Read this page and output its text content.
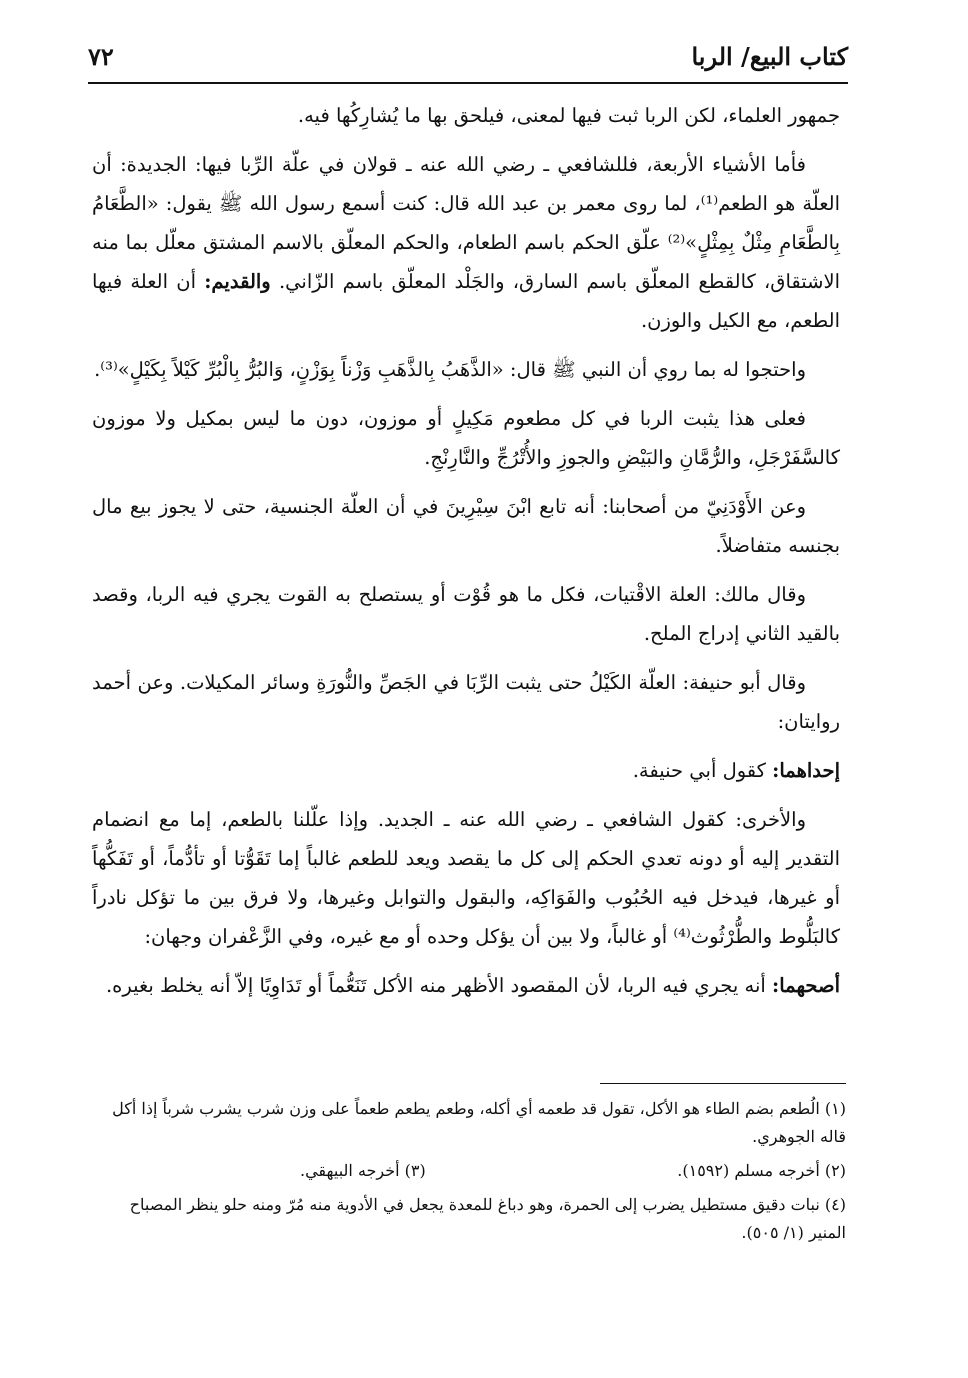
كتاب البيع/ الربا
٧٢

جمهور العلماء، لكن الربا ثبت فيها لمعنى، فيلحق بها ما يُشارِكُها فيه.

فأما الأشياء الأربعة، فللشافعي ـ رضي الله عنه ـ قولان في علّة الرِّبا فيها: الجديدة: أن العلّة هو الطعم⁽¹⁾، لما روى معمر بن عبد الله قال: كنت أسمع رسول الله ﷺ يقول: «الطَّعَامُ بِالطَّعَامِ مِثْلٌ بِمِثْلٍ»⁽²⁾ علّق الحكم باسم الطعام، والحكم المعلّق بالاسم المشتق معلّل بما منه الاشتقاق، كالقطع المعلّق باسم السارق، والجَلْد المعلّق باسم الزّاني. والقديم: أن العلة فيها الطعم، مع الكيل والوزن.

واحتجوا له بما روي أن النبي ﷺ قال: «الذَّهَبُ بِالذَّهَبِ وَزْناً بِوَزْنٍ، وَالبُرُّ بِالْبُرِّ كَيْلاً بِكَيْلٍ»⁽³⁾.

فعلى هذا يثبت الربا في كل مطعوم مَكِيلٍ أو موزون، دون ما ليس بمكيل ولا موزون كالسَّفَرْجَلِ، والرُّمَّانِ والبَيْضِ والجوزِ والأُتْرُجِّ والنَّارِنْجِ.

وعن الأَوْدَنِيّ من أصحابنا: أنه تابع ابْنَ سِيْرِينَ في أن العلّة الجنسية، حتى لا يجوز بيع مال بجنسه متفاضلاً.

وقال مالك: العلة الاقْتيات، فكل ما هو قُوْت أو يستصلح به القوت يجري فيه الربا، وقصد بالقيد الثاني إدراج الملح.

وقال أبو حنيفة: العلّة الكَيْلُ حتى يثبت الرِّبَا في الجَصِّ والنُّورَةِ وسائر المكيلات. وعن أحمد روايتان:

إحداهما: كقول أبي حنيفة.

والأخرى: كقول الشافعي ـ رضي الله عنه ـ الجديد. وإذا علّلنا بالطعم، إما مع انضمام التقدير إليه أو دونه تعدي الحكم إلى كل ما يقصد ويعد للطعم غالباً إما تَقَوُّتا أو تأدُّماً، أو تَفَكُّهاً أو غيرها، فيدخل فيه الحُبُوب والفَوَاكِه، والبقول والتوابل وغيرها، ولا فرق بين ما تؤكل نادراً كالبَلُّوط والطُّرْثُوث⁽⁴⁾ أو غالباً، ولا بين أن يؤكل وحده أو مع غيره، وفي الزَّعْفران وجهان:

أصحهما: أنه يجري فيه الربا، لأن المقصود الأظهر منه الأكل تَنَعُّماً أو تَدَاوِيًا إلاّ أنه يخلط بغيره.

(١) الُطعم بضم الطاء هو الأكل، تقول قد طعمه أي أكله، وطعم يطعم طعماً على وزن شرب يشرب شرباً إذا أكل قاله الجوهري.
(٢) أخرجه مسلم (١٥٩٢).
(٣) أخرجه البيهقي.
(٤) نبات دقيق مستطيل يضرب إلى الحمرة، وهو دباغ للمعدة يجعل في الأدوية منه مُرّ ومنه حلو ينظر المصباح المنير (١/ ٥٠٥).
